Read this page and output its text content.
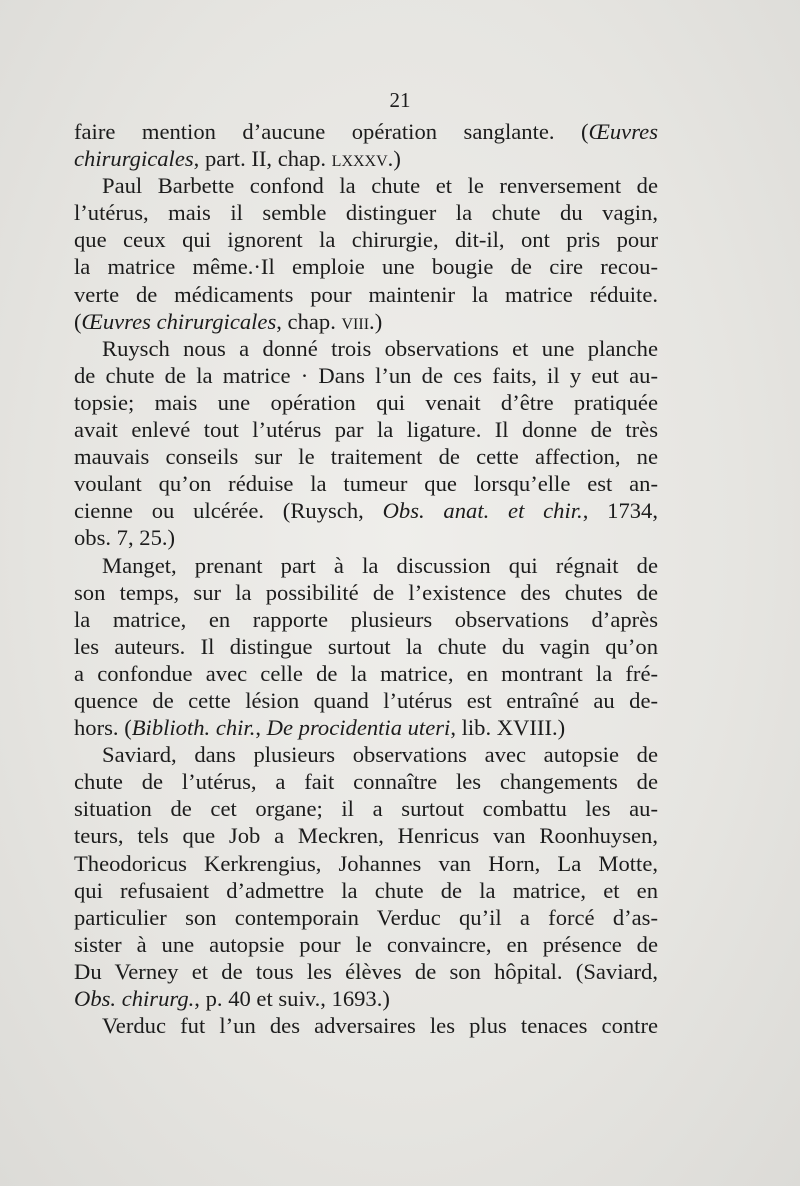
21
faire mention d’aucune opération sanglante. (Œuvres
chirurgicales, part. II, chap. lxxxv.)
Paul Barbette confond la chute et le renversement de
l’utérus, mais il semble distinguer la chute du vagin,
que ceux qui ignorent la chirurgie, dit-il, ont pris pour
la matrice même.·Il emploie une bougie de cire recou-
verte de médicaments pour maintenir la matrice réduite.
(Œuvres chirurgicales, chap. viii.)
Ruysch nous a donné trois observations et une planche
de chute de la matrice · Dans l’un de ces faits, il y eut au-
topsie; mais une opération qui venait d’être pratiquée
avait enlevé tout l’utérus par la ligature. Il donne de très
mauvais conseils sur le traitement de cette affection, ne
voulant qu’on réduise la tumeur que lorsqu’elle est an-
cienne ou ulcérée. (Ruysch, Obs. anat. et chir., 1734,
obs. 7, 25.)
Manget, prenant part à la discussion qui régnait de
son temps, sur la possibilité de l’existence des chutes de
la matrice, en rapporte plusieurs observations d’après
les auteurs. Il distingue surtout la chute du vagin qu’on
a confondue avec celle de la matrice, en montrant la fré-
quence de cette lésion quand l’utérus est entraîné au de-
hors. (Biblioth. chir., De procidentia uteri, lib. XVIII.)
Saviard, dans plusieurs observations avec autopsie de
chute de l’utérus, a fait connaître les changements de
situation de cet organe; il a surtout combattu les au-
teurs, tels que Job a Meckren, Henricus van Roonhuysen,
Theodoricus Kerkrengius, Johannes van Horn, La Motte,
qui refusaient d’admettre la chute de la matrice, et en
particulier son contemporain Verduc qu’il a forcé d’as-
sister à une autopsie pour le convaincre, en présence de
Du Verney et de tous les élèves de son hôpital. (Saviard,
Obs. chirurg., p. 40 et suiv., 1693.)
Verduc fut l’un des adversaires les plus tenaces contre
